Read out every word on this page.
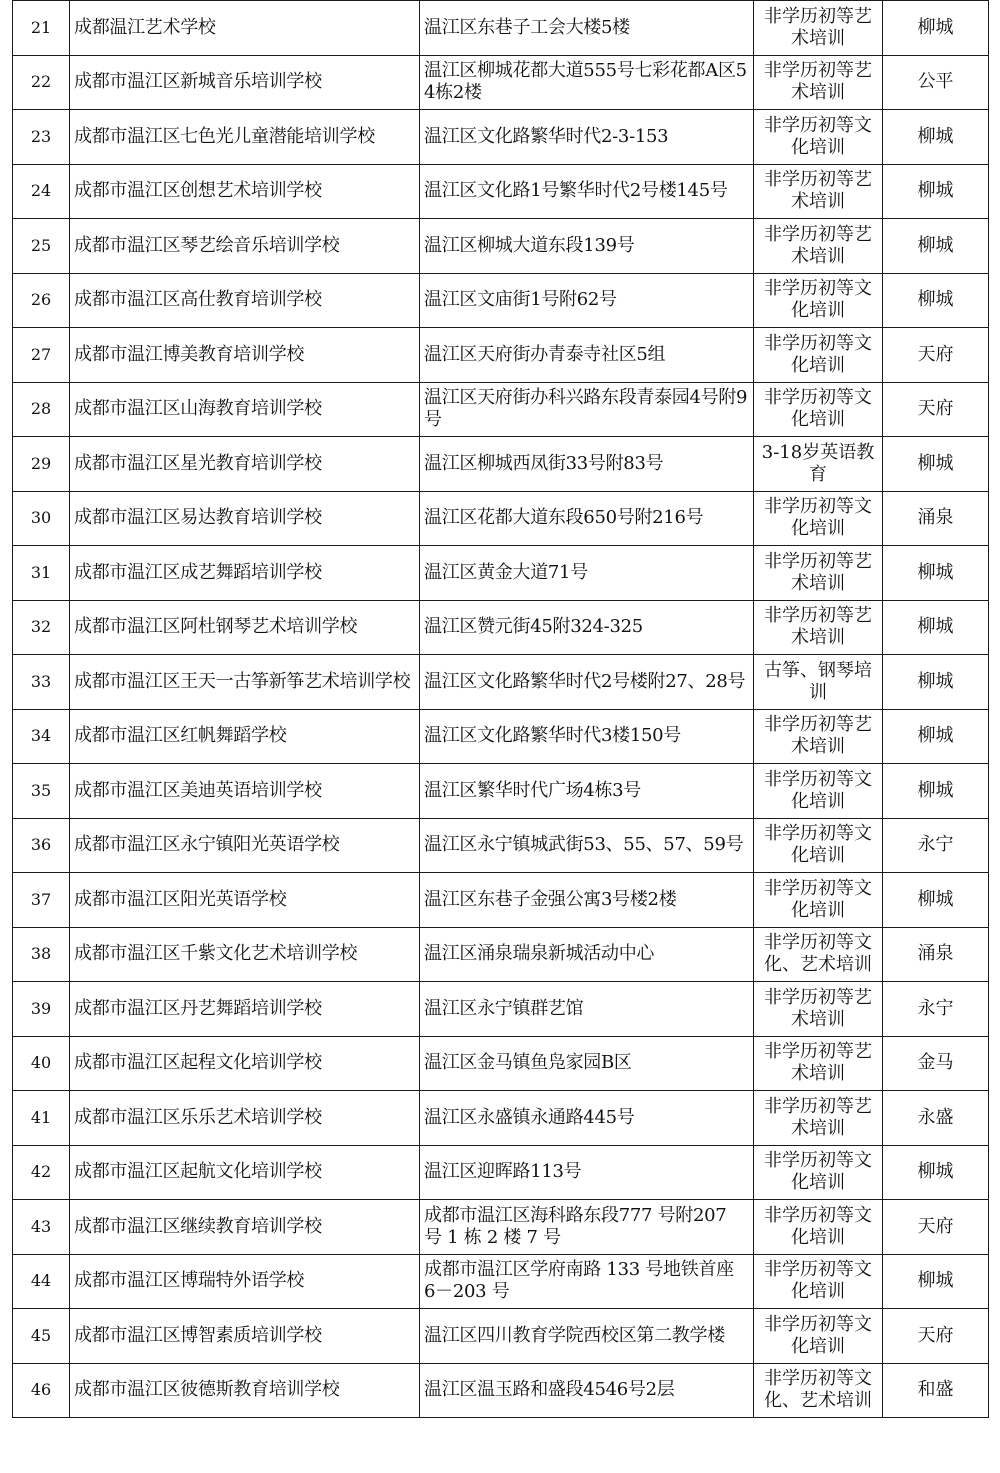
21	成都温江艺术学校	温江区东巷子工会大楼5楼	非学历初等艺术培训	柳城
22	成都市温江区新城音乐培训学校	温江区柳城花都大道555号七彩花都A区54栋2楼	非学历初等艺术培训	公平
23	成都市温江区七色光儿童潜能培训学校	温江区文化路繁华时代2-3-153	非学历初等文化培训	柳城
24	成都市温江区创想艺术培训学校	温江区文化路1号繁华时代2号楼145号	非学历初等艺术培训	柳城
25	成都市温江区琴艺绘音乐培训学校	温江区柳城大道东段139号	非学历初等艺术培训	柳城
26	成都市温江区高仕教育培训学校	温江区文庙街1号附62号	非学历初等文化培训	柳城
27	成都市温江博美教育培训学校	温江区天府街办青泰寺社区5组	非学历初等文化培训	天府
28	成都市温江区山海教育培训学校	温江区天府街办科兴路东段青泰园4号附9号	非学历初等文化培训	天府
29	成都市温江区星光教育培训学校	温江区柳城西凤街33号附83号	3-18岁英语教育	柳城
30	成都市温江区易达教育培训学校	温江区花都大道东段650号附216号	非学历初等文化培训	涌泉
31	成都市温江区成艺舞蹈培训学校	温江区黄金大道71号	非学历初等艺术培训	柳城
32	成都市温江区阿杜钢琴艺术培训学校	温江区赞元街45附324-325	非学历初等艺术培训	柳城
33	成都市温江区王天一古筝新筝艺术培训学校	温江区文化路繁华时代2号楼附27、28号	古筝、钢琴培训	柳城
34	成都市温江区红帆舞蹈学校	温江区文化路繁华时代3楼150号	非学历初等艺术培训	柳城
35	成都市温江区美迪英语培训学校	温江区繁华时代广场4栋3号	非学历初等文化培训	柳城
36	成都市温江区永宁镇阳光英语学校	温江区永宁镇城武街53、55、57、59号	非学历初等文化培训	永宁
37	成都市温江区阳光英语学校	温江区东巷子金强公寓3号楼2楼	非学历初等文化培训	柳城
38	成都市温江区千紫文化艺术培训学校	温江区涌泉瑞泉新城活动中心	非学历初等文化、艺术培训	涌泉
39	成都市温江区丹艺舞蹈培训学校	温江区永宁镇群艺馆	非学历初等艺术培训	永宁
40	成都市温江区起程文化培训学校	温江区金马镇鱼凫家园B区	非学历初等艺术培训	金马
41	成都市温江区乐乐艺术培训学校	温江区永盛镇永通路445号	非学历初等艺术培训	永盛
42	成都市温江区起航文化培训学校	温江区迎晖路113号	非学历初等文化培训	柳城
43	成都市温江区继续教育培训学校	成都市温江区海科路东段777 号附207 号 1 栋 2 楼 7 号	非学历初等文化培训	天府
44	成都市温江区博瑞特外语学校	成都市温江区学府南路 133 号地铁首座 6－203 号	非学历初等文化培训	柳城
45	成都市温江区博智素质培训学校	温江区四川教育学院西校区第二教学楼	非学历初等文化培训	天府
46	成都市温江区彼德斯教育培训学校	温江区温玉路和盛段4546号2层	非学历初等文化、艺术培训	和盛
